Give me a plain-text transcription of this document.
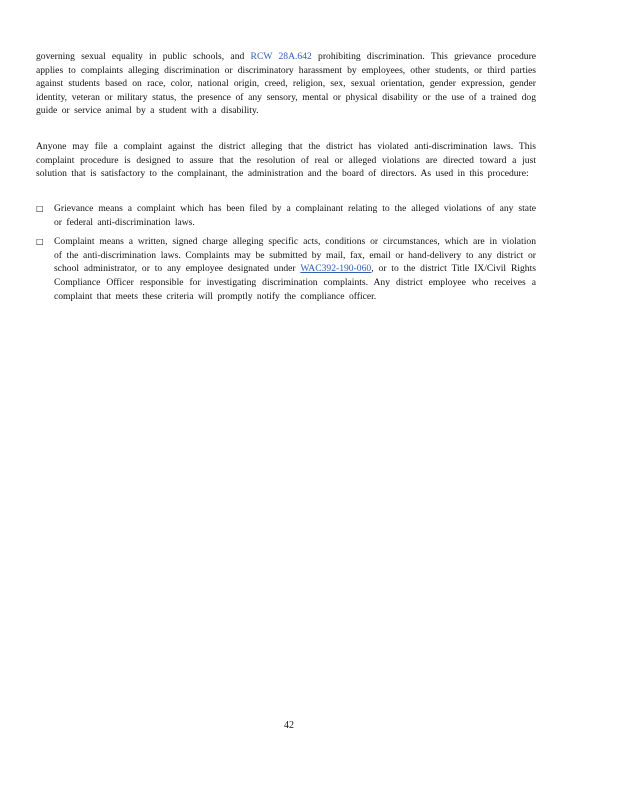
governing sexual equality in public schools, and RCW 28A.642 prohibiting discrimination. This grievance procedure applies to complaints alleging discrimination or discriminatory harassment by employees, other students, or third parties against students based on race, color, national origin, creed, religion, sex, sexual orientation, gender expression, gender identity, veteran or military status, the presence of any sensory, mental or physical disability or the use of a trained dog guide or service animal by a student with a disability.

Anyone may file a complaint against the district alleging that the district has violated anti-discrimination laws. This complaint procedure is designed to assure that the resolution of real or alleged violations are directed toward a just solution that is satisfactory to the complainant, the administration and the board of directors. As used in this procedure:

□	Grievance means a complaint which has been filed by a complainant relating to the alleged violations of any state or federal anti-discrimination laws.
□	Complaint means a written, signed charge alleging specific acts, conditions or circumstances, which are in violation of the anti-discrimination laws. Complaints may be submitted by mail, fax, email or hand-delivery to any district or school administrator, or to any employee designated under WAC392-190-060, or to the district Title IX/Civil Rights Compliance Officer responsible for investigating discrimination complaints. Any district employee who receives a complaint that meets these criteria will promptly notify the compliance officer.
42
